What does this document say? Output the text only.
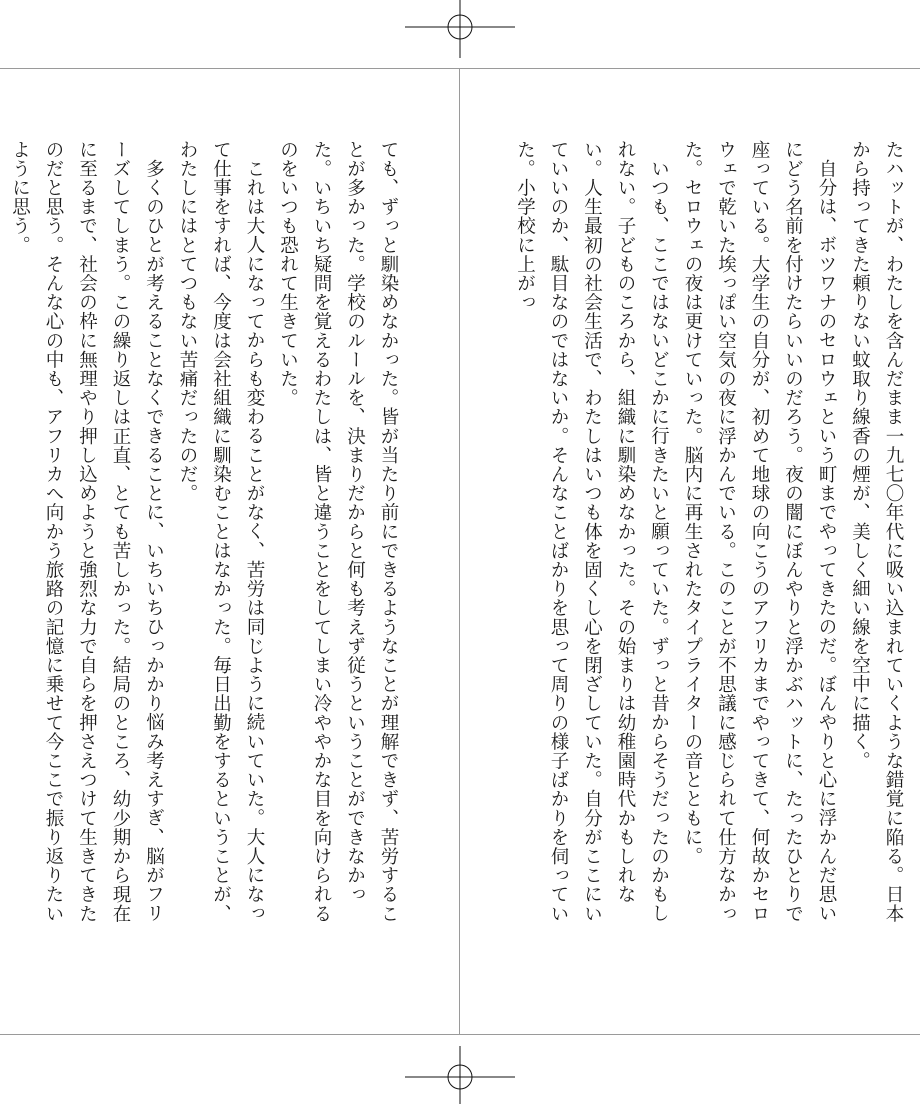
たハットが、わたしを含んだまま一九七〇年代に吸い込まれていくような錯覚に陥る。日本から持ってきた頼りない蚊取り線香の煙が、美しく細い線を空中に描く。

自分は、ボツワナのセロウェという町までやってきたのだ。ぼんやりと心に浮かんだ思いにどう名前を付けたらいいのだろう。夜の闇にぼんやりと浮かぶハットに、たったひとりで座っている。大学生の自分が、初めて地球の向こうのアフリカまでやってきて、何故かセロウェで乾いた埃っぽい空気の夜に浮かんでいる。このことが不思議に感じられて仕方なかった。セロウェの夜は更けていった。脳内に再生されたタイプライターの音とともに。

いつも、ここではないどこかに行きたいと願っていた。ずっと昔からそうだったのかもしれない。子どものころから、組織に馴染めなかった。その始まりは幼稚園時代かもしれない。人生最初の社会生活で、わたしはいつも体を固くし心を閉ざしていた。自分がここにいていいのか、駄目なのではないか。そんなことばかりを思って周りの様子ばかりを伺っていた。小学校に上がっ

ても、ずっと馴染めなかった。皆が当たり前にできるようなことが理解できず、苦労することが多かった。学校のルールを、決まりだからと何も考えず従うということができなかった。いちいち疑問を覚えるわたしは、皆と違うことをしてしまい冷ややかな目を向けられるのをいつも恐れて生きていた。

これは大人になってからも変わることがなく、苦労は同じように続いていた。大人になって仕事をすれば、今度は会社組織に馴染むことはなかった。毎日出勤をするということが、わたしにはとてつもない苦痛だったのだ。

多くのひとが考えることなくできることに、いちいちひっかかり悩み考えすぎ、脳がフリーズしてしまう。この繰り返しは正直、とても苦しかった。結局のところ、幼少期から現在に至るまで、社会の枠に無理やり押し込めようと強烈な力で自らを押さえつけて生きてきたのだと思う。そんな心の中も、アフリカへ向かう旅路の記憶に乗せて今ここで振り返りたいように思う。
